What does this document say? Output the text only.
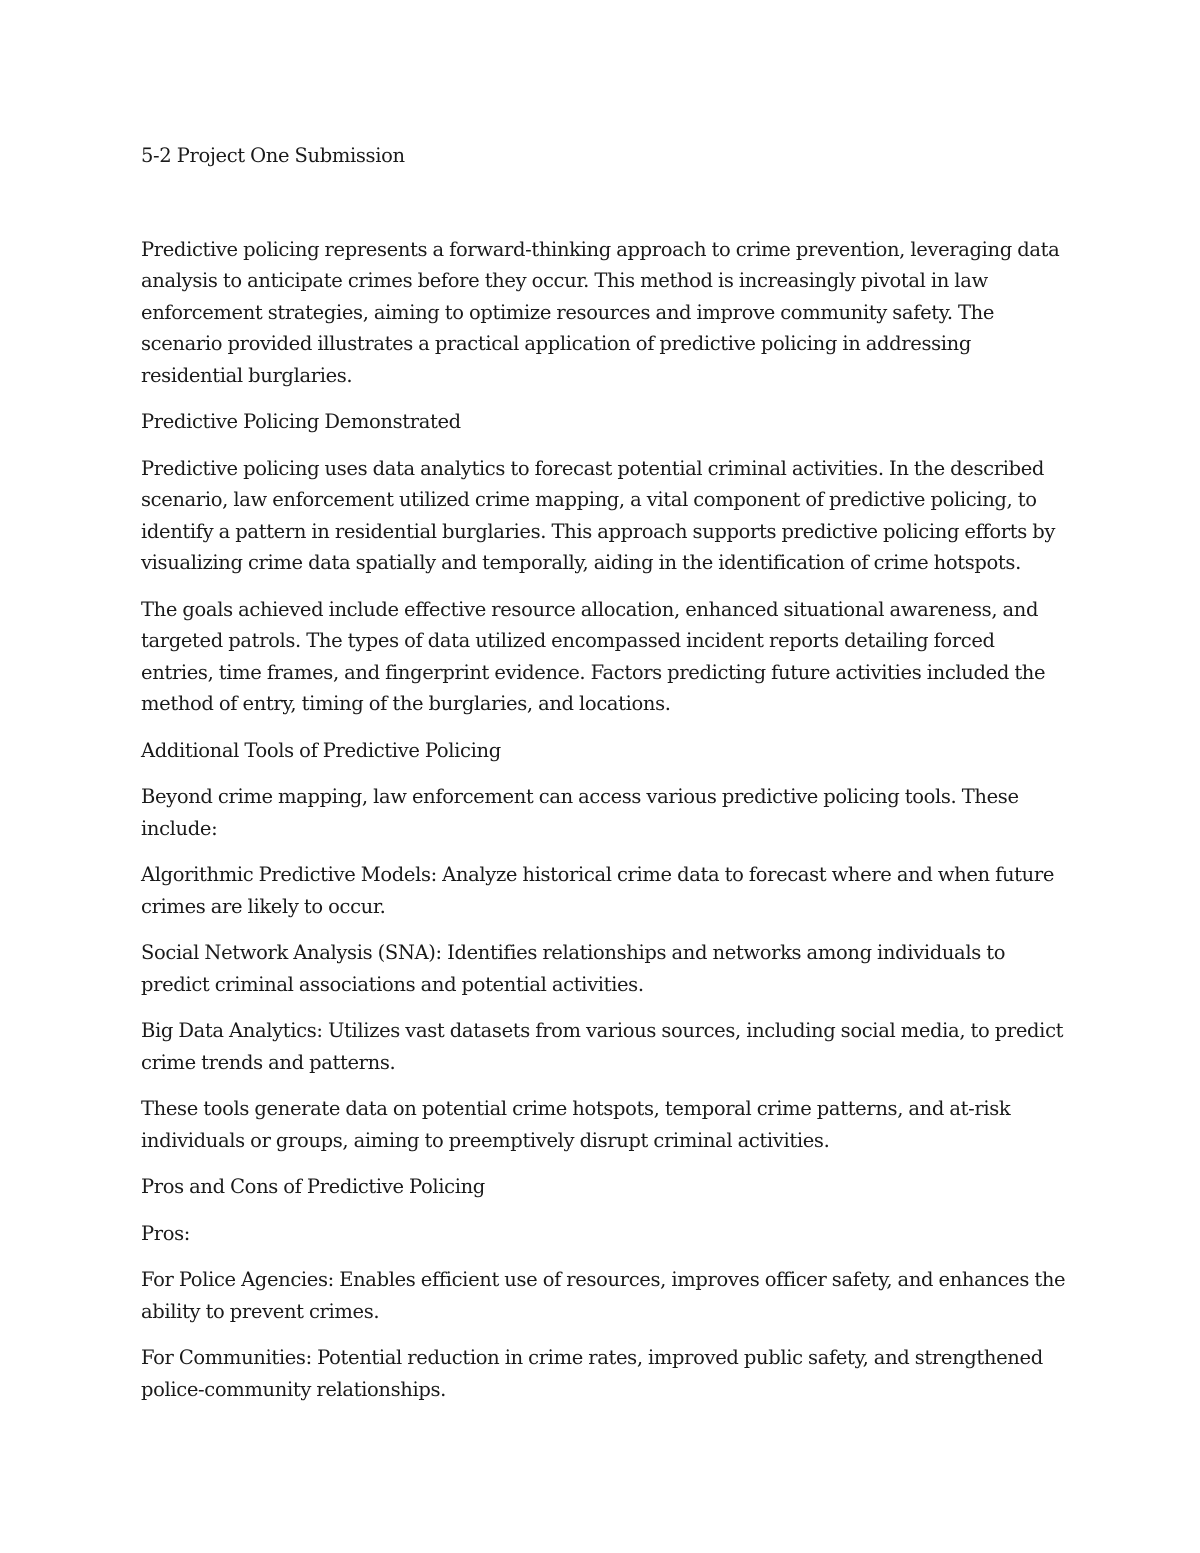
5-2 Project One Submission

Predictive policing represents a forward-thinking approach to crime prevention, leveraging data analysis to anticipate crimes before they occur. This method is increasingly pivotal in law enforcement strategies, aiming to optimize resources and improve community safety. The scenario provided illustrates a practical application of predictive policing in addressing residential burglaries.

Predictive Policing Demonstrated

Predictive policing uses data analytics to forecast potential criminal activities. In the described scenario, law enforcement utilized crime mapping, a vital component of predictive policing, to identify a pattern in residential burglaries. This approach supports predictive policing efforts by visualizing crime data spatially and temporally, aiding in the identification of crime hotspots.

The goals achieved include effective resource allocation, enhanced situational awareness, and targeted patrols. The types of data utilized encompassed incident reports detailing forced entries, time frames, and fingerprint evidence. Factors predicting future activities included the method of entry, timing of the burglaries, and locations.

Additional Tools of Predictive Policing

Beyond crime mapping, law enforcement can access various predictive policing tools. These include:

Algorithmic Predictive Models: Analyze historical crime data to forecast where and when future crimes are likely to occur.

Social Network Analysis (SNA): Identifies relationships and networks among individuals to predict criminal associations and potential activities.

Big Data Analytics: Utilizes vast datasets from various sources, including social media, to predict crime trends and patterns.

These tools generate data on potential crime hotspots, temporal crime patterns, and at-risk individuals or groups, aiming to preemptively disrupt criminal activities.

Pros and Cons of Predictive Policing

Pros:

For Police Agencies: Enables efficient use of resources, improves officer safety, and enhances the ability to prevent crimes.

For Communities: Potential reduction in crime rates, improved public safety, and strengthened police-community relationships.
